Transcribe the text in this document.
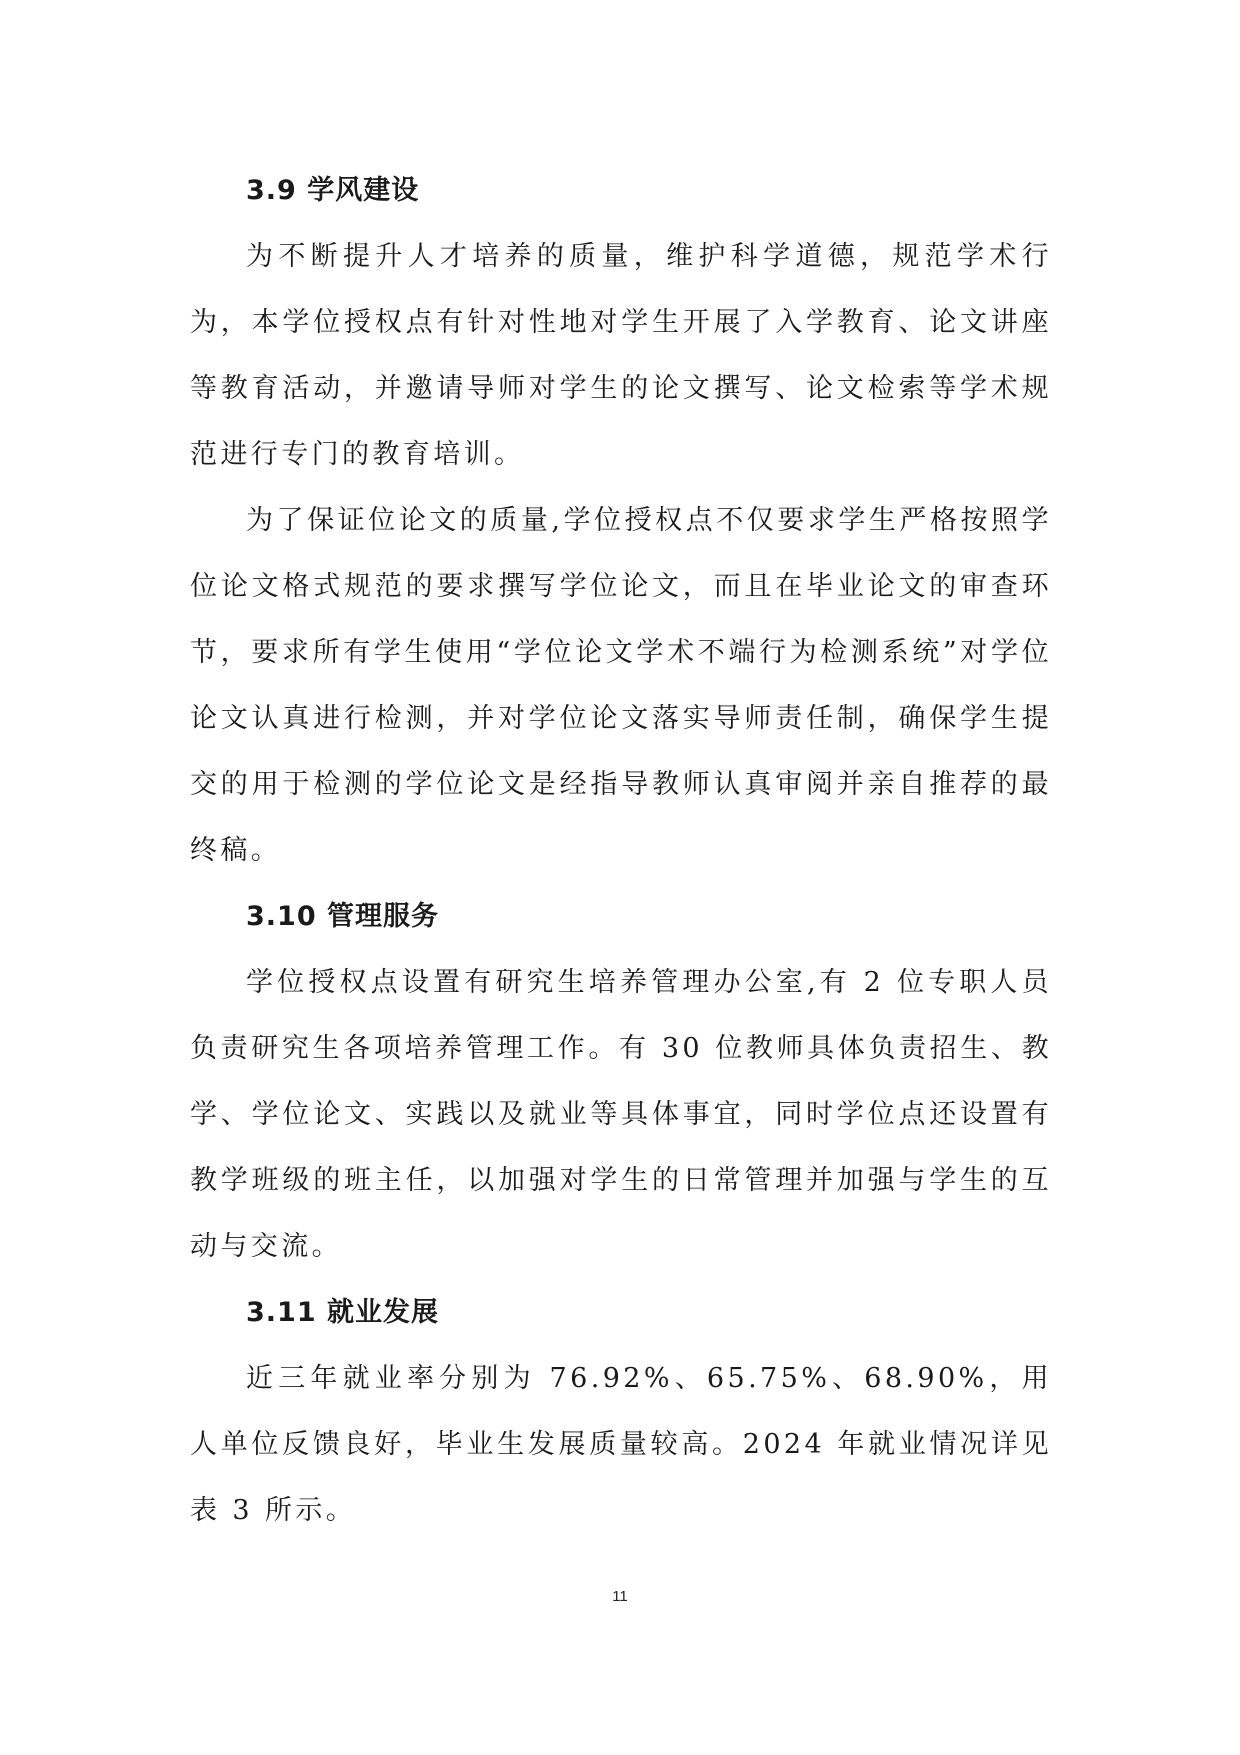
3.9 学风建设

为不断提升人才培养的质量，维护科学道德，规范学术行为，本学位授权点有针对性地对学生开展了入学教育、论文讲座等教育活动，并邀请导师对学生的论文撰写、论文检索等学术规范进行专门的教育培训。

为了保证位论文的质量,学位授权点不仅要求学生严格按照学位论文格式规范的要求撰写学位论文，而且在毕业论文的审查环节，要求所有学生使用“学位论文学术不端行为检测系统”对学位论文认真进行检测，并对学位论文落实导师责任制，确保学生提交的用于检测的学位论文是经指导教师认真审阅并亲自推荐的最终稿。

3.10 管理服务

学位授权点设置有研究生培养管理办公室,有 2 位专职人员负责研究生各项培养管理工作。有 30 位教师具体负责招生、教学、学位论文、实践以及就业等具体事宜，同时学位点还设置有教学班级的班主任，以加强对学生的日常管理并加强与学生的互动与交流。

3.11 就业发展

近三年就业率分别为 76.92%、65.75%、68.90%，用人单位反馈良好，毕业生发展质量较高。2024 年就业情况详见表 3 所示。

11
